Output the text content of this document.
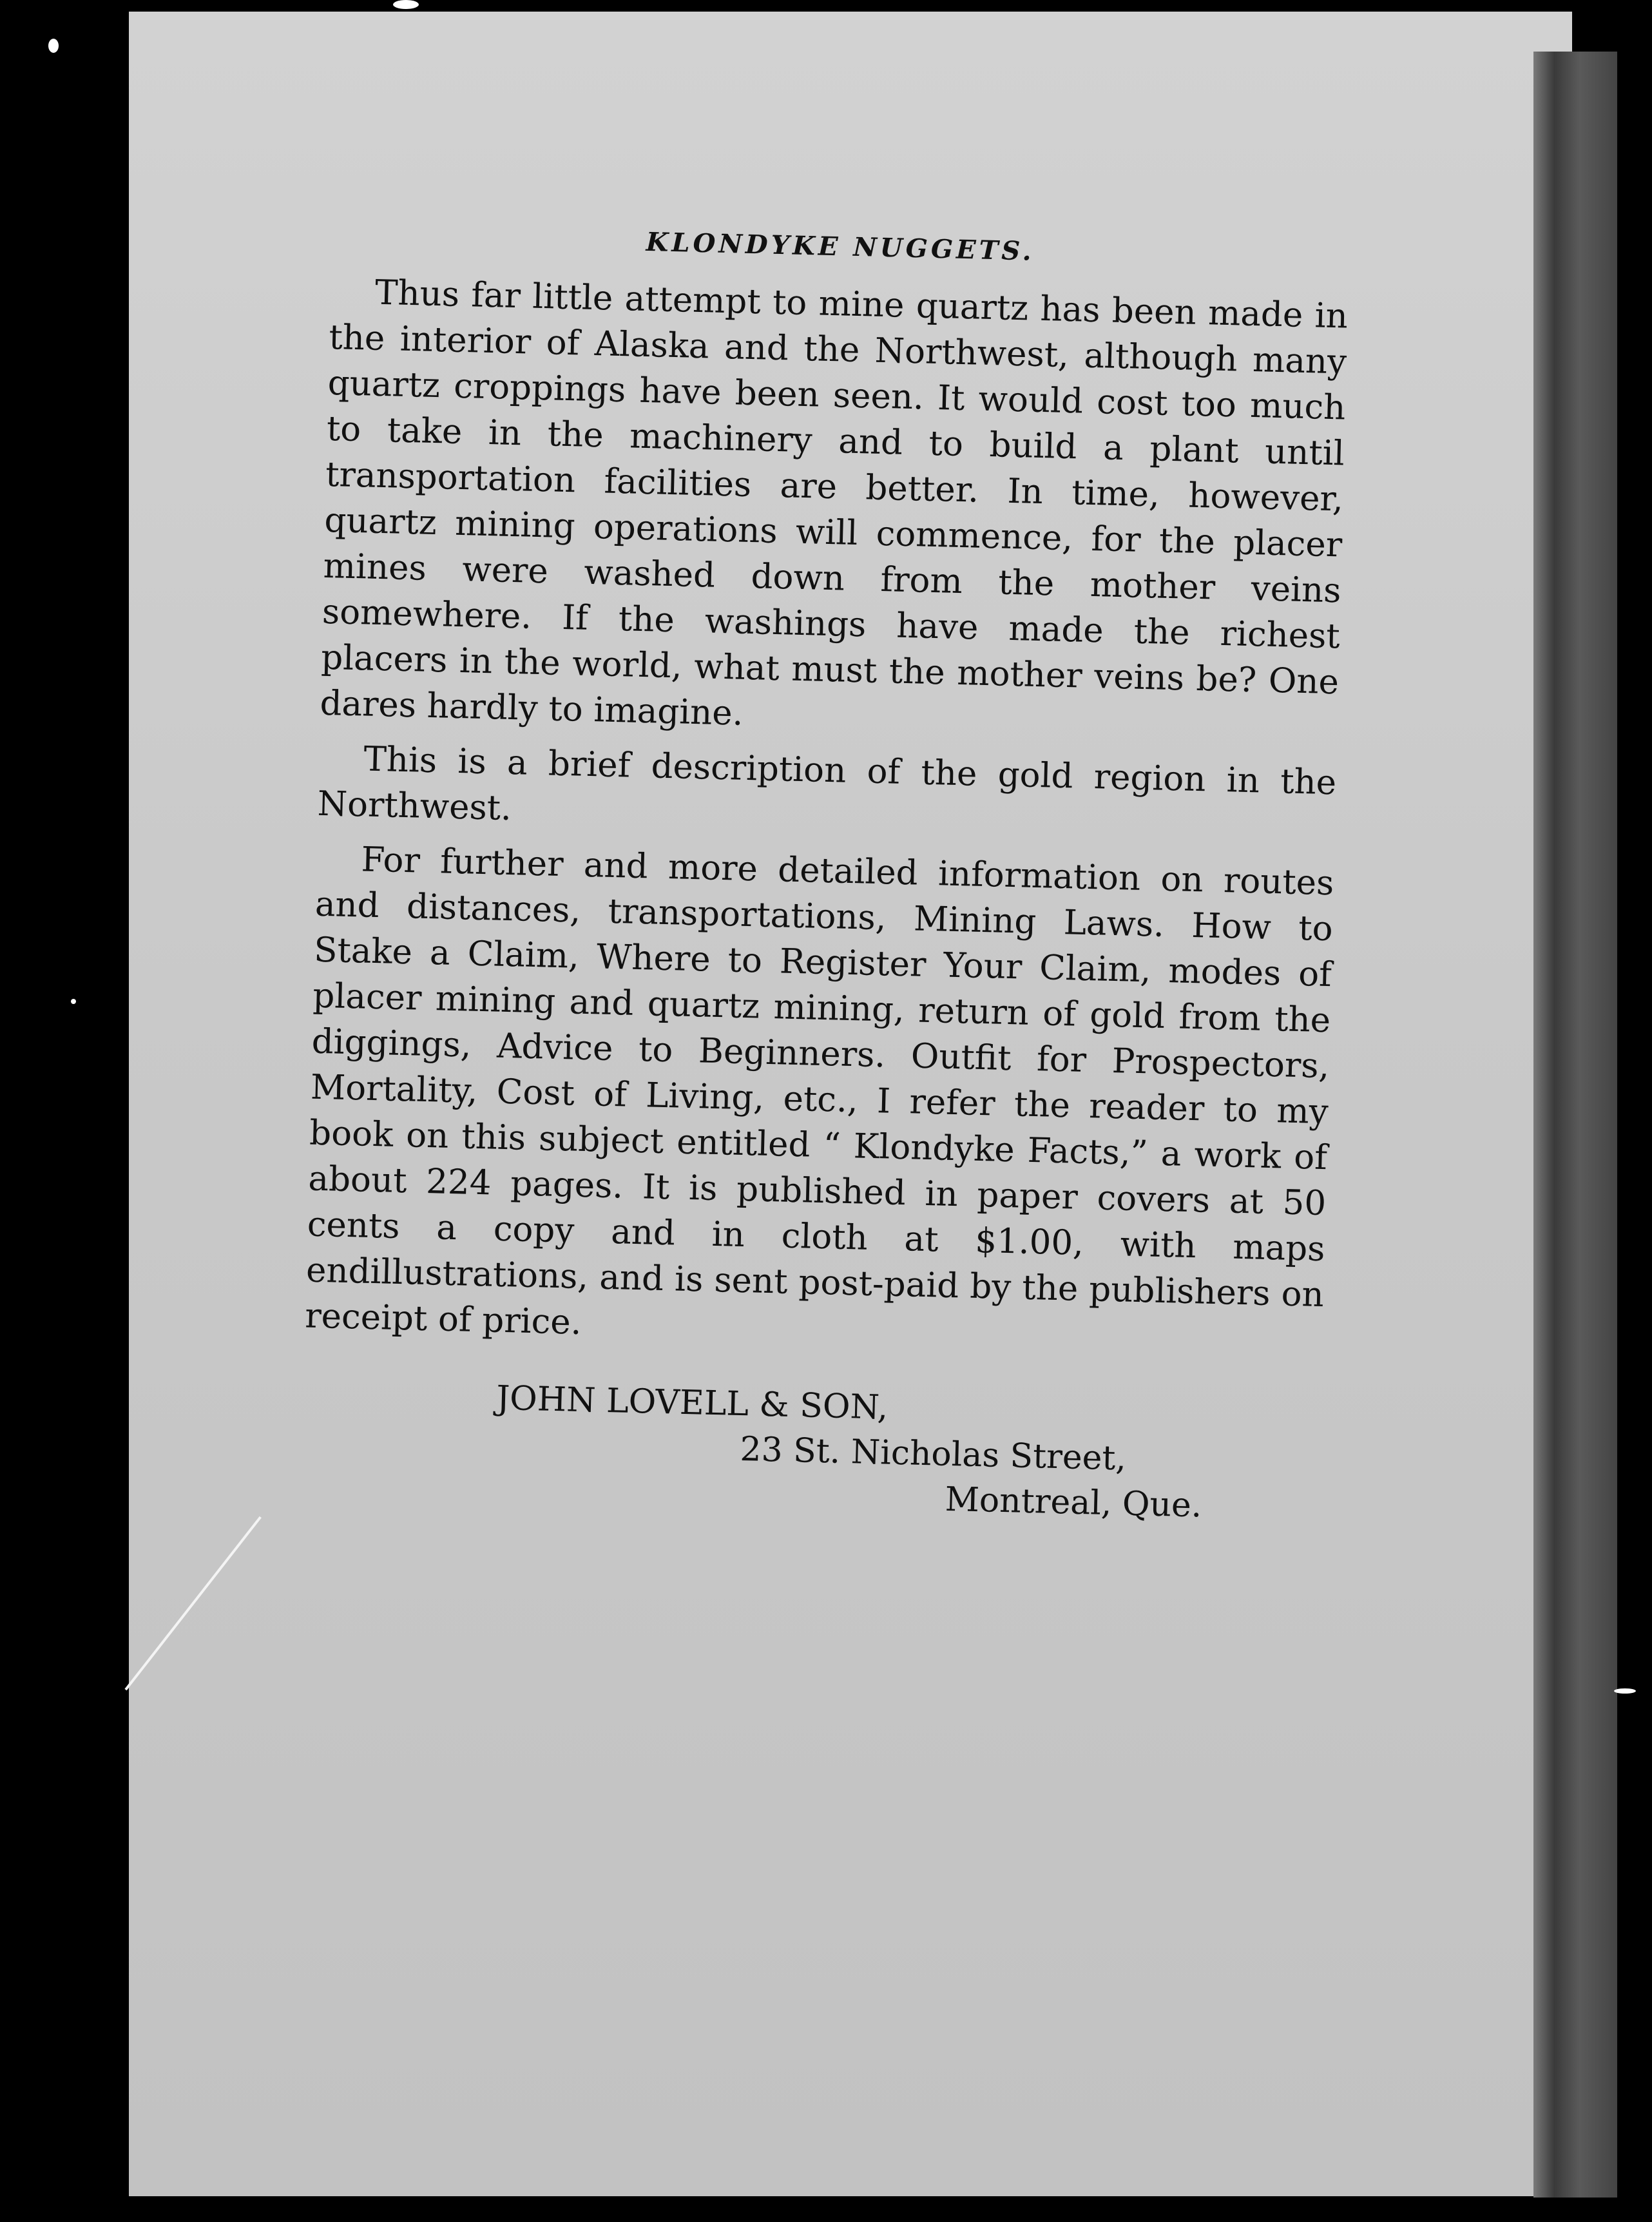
KLONDYKE NUGGETS.

Thus far little attempt to mine quartz has been made in the interior of Alaska and the Northwest, although many quartz croppings have been seen. It would cost too much to take in the machinery and to build a plant until transportation facilities are better. In time, however, quartz mining operations will commence, for the placer mines were washed down from the mother veins somewhere. If the washings have made the richest placers in the world, what must the mother veins be? One dares hardly to imagine.

This is a brief description of the gold region in the Northwest.

For further and more detailed information on routes and distances, transportations, Mining Laws. How to Stake a Claim, Where to Register Your Claim, modes of placer mining and quartz mining, return of gold from the diggings, Advice to Beginners. Outfit for Prospectors, Mortality, Cost of Living, etc., I refer the reader to my book on this subject entitled “ Klondyke Facts,” a work of about 224 pages. It is published in paper covers at 50 cents a copy and in cloth at $1.00, with maps endillustrations, and is sent post-paid by the publishers on receipt of price.

JOHN LOVELL & SON,
23 St. Nicholas Street,
Montreal, Que.
